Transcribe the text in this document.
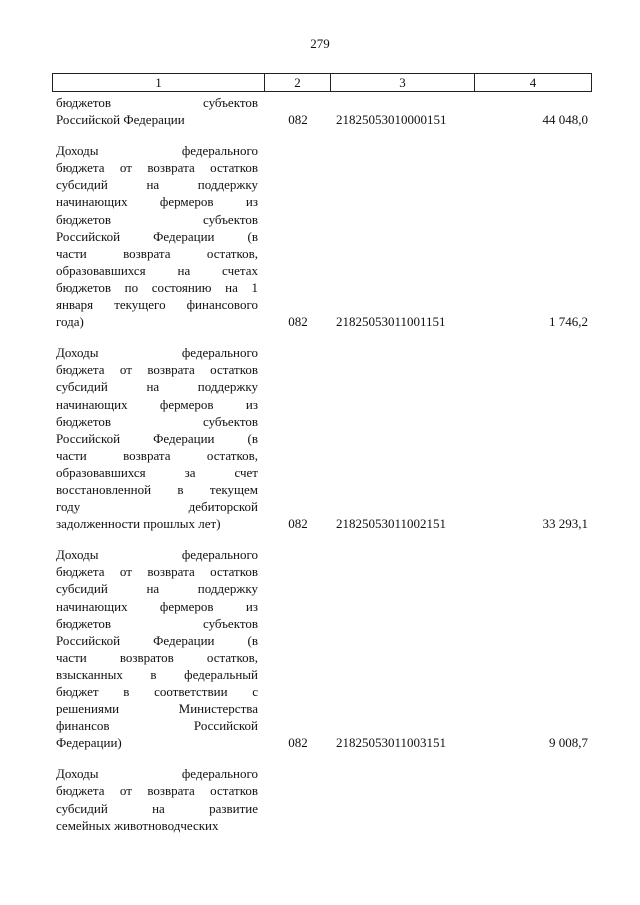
279
1	2	3	4
бюджетов субъектов
Российской Федерации	082	21825053010000151	44 048,0
Доходы федерального
бюджета от возврата остатков
субсидий на поддержку
начинающих фермеров из
бюджетов субъектов
Российской Федерации (в
части возврата остатков,
образовавшихся на счетах
бюджетов по состоянию на 1
января текущего финансового
года)	082	21825053011001151	1 746,2
Доходы федерального
бюджета от возврата остатков
субсидий на поддержку
начинающих фермеров из
бюджетов субъектов
Российской Федерации (в
части возврата остатков,
образовавшихся за счет
восстановленной в текущем
году дебиторской
задолженности прошлых лет)	082	21825053011002151	33 293,1
Доходы федерального
бюджета от возврата остатков
субсидий на поддержку
начинающих фермеров из
бюджетов субъектов
Российской Федерации (в
части возвратов остатков,
взысканных в федеральный
бюджет в соответствии с
решениями Министерства
финансов Российской
Федерации)	082	21825053011003151	9 008,7
Доходы федерального
бюджета от возврата остатков
субсидий на развитие
семейных животноводческих
